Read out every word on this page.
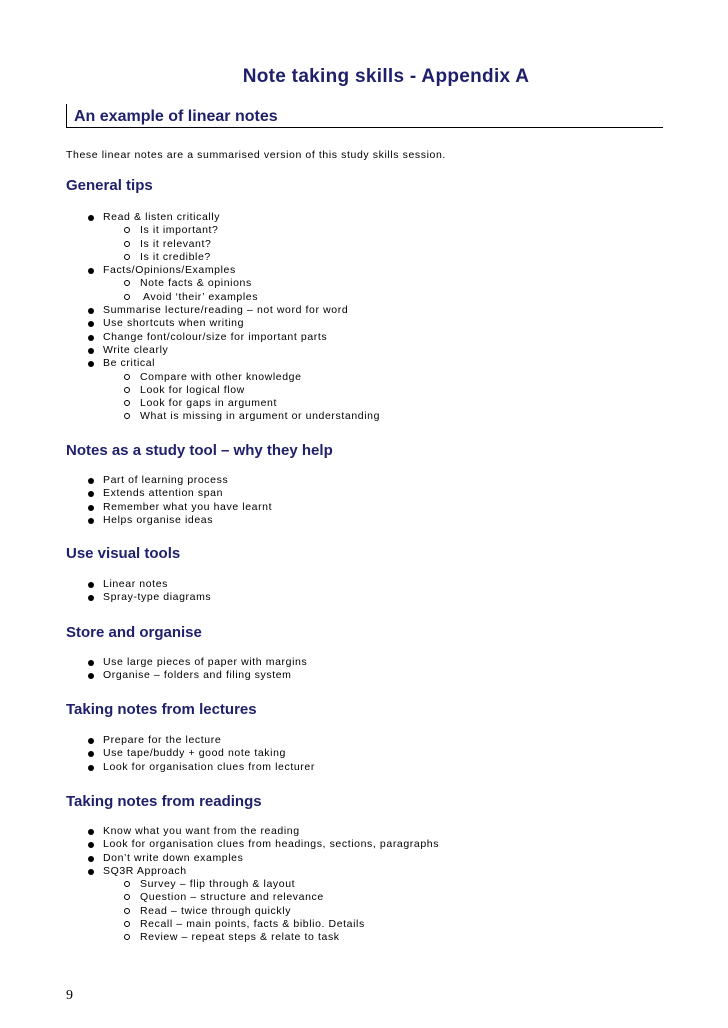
Note taking skills - Appendix A
An example of linear notes
These linear notes are a summarised version of this study skills session.
General tips
Read & listen critically
Is it important?
Is it relevant?
Is it credible?
Facts/Opinions/Examples
Note facts & opinions
Avoid ‘their’ examples
Summarise lecture/reading – not word for word
Use shortcuts when writing
Change font/colour/size for important parts
Write clearly
Be critical
Compare with other knowledge
Look for logical flow
Look for gaps in argument
What is missing in argument or understanding
Notes as a study tool – why they help
Part of learning process
Extends attention span
Remember what you have learnt
Helps organise ideas
Use visual tools
Linear notes
Spray-type diagrams
Store and organise
Use large pieces of paper with margins
Organise – folders and filing system
Taking notes from lectures
Prepare for the lecture
Use tape/buddy + good note taking
Look for organisation clues from lecturer
Taking notes from readings
Know what you want from the reading
Look for organisation clues from headings, sections, paragraphs
Don’t write down examples
SQ3R Approach
Survey – flip through & layout
Question – structure and relevance
Read – twice through quickly
Recall – main points, facts & biblio. Details
Review – repeat steps & relate to task
9
